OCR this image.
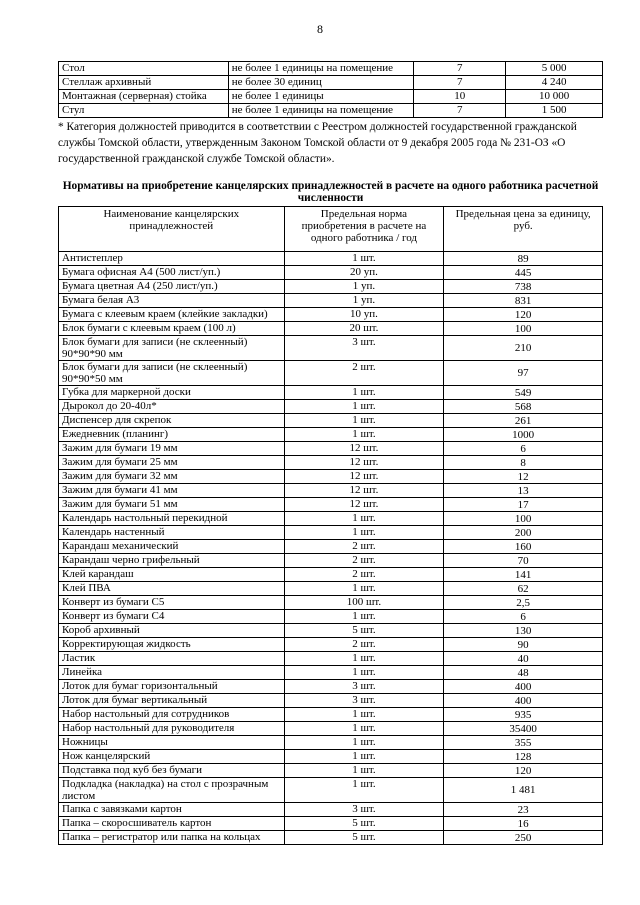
8
Стол	не более 1 единицы на помещение	7	5 000
Стеллаж архивный	не более 30 единиц	7	4 240
Монтажная (серверная) стойка	не более 1 единицы	10	10 000
Стул	не более 1 единицы на помещение	7	1 500
* Категория должностей приводится в соответствии с Реестром должностей государственной гражданской службы Томской области, утвержденным Законом Томской области от 9 декабря 2005 года № 231-ОЗ «О государственной гражданской службе Томской области».
Нормативы на приобретение канцелярских принадлежностей в расчете на одного работника расчетной численности
Наименование канцелярских принадлежностей	Предельная норма приобретения в расчете на одного работника / год	Предельная цена за единицу, руб.
Антистеплер	1 шт.	89
Бумага офисная А4 (500 лист/уп.)	20 уп.	445
Бумага цветная А4 (250 лист/уп.)	1 уп.	738
Бумага белая А3	1 уп.	831
Бумага с клеевым краем (клейкие закладки)	10 уп.	120
Блок бумаги с клеевым краем (100 л)	20 шт.	100
Блок бумаги для записи (не склеенный) 90*90*90 мм	3 шт.	210
Блок бумаги для записи (не склеенный) 90*90*50 мм	2 шт.	97
Губка для маркерной доски	1 шт.	549
Дырокол до 20-40л*	1 шт.	568
Диспенсер для скрепок	1 шт.	261
Ежедневник (планинг)	1 шт.	1000
Зажим для бумаги 19 мм	12 шт.	6
Зажим для бумаги 25 мм	12 шт.	8
Зажим для бумаги 32 мм	12 шт.	12
Зажим для бумаги 41 мм	12 шт.	13
Зажим для бумаги 51 мм	12 шт.	17
Календарь настольный перекидной	1 шт.	100
Календарь настенный	1 шт.	200
Карандаш механический	2 шт.	160
Карандаш черно грифельный	2 шт.	70
Клей карандаш	2 шт.	141
Клей ПВА	1 шт.	62
Конверт из бумаги С5	100 шт.	2,5
Конверт из бумаги С4	1 шт.	6
Короб архивный	5 шт.	130
Корректирующая жидкость	2 шт.	90
Ластик	1 шт.	40
Линейка	1 шт.	48
Лоток для бумаг горизонтальный	3 шт.	400
Лоток для бумаг вертикальный	3 шт.	400
Набор настольный для сотрудников	1 шт.	935
Набор настольный для руководителя	1 шт.	35400
Ножницы	1 шт.	355
Нож канцелярский	1 шт.	128
Подставка под куб без бумаги	1 шт.	120
Подкладка (накладка) на стол с прозрачным листом	1 шт.	1 481
Папка с завязками картон	3 шт.	23
Папка – скоросшиватель картон	5 шт.	16
Папка – регистратор или папка на кольцах	5 шт.	250
